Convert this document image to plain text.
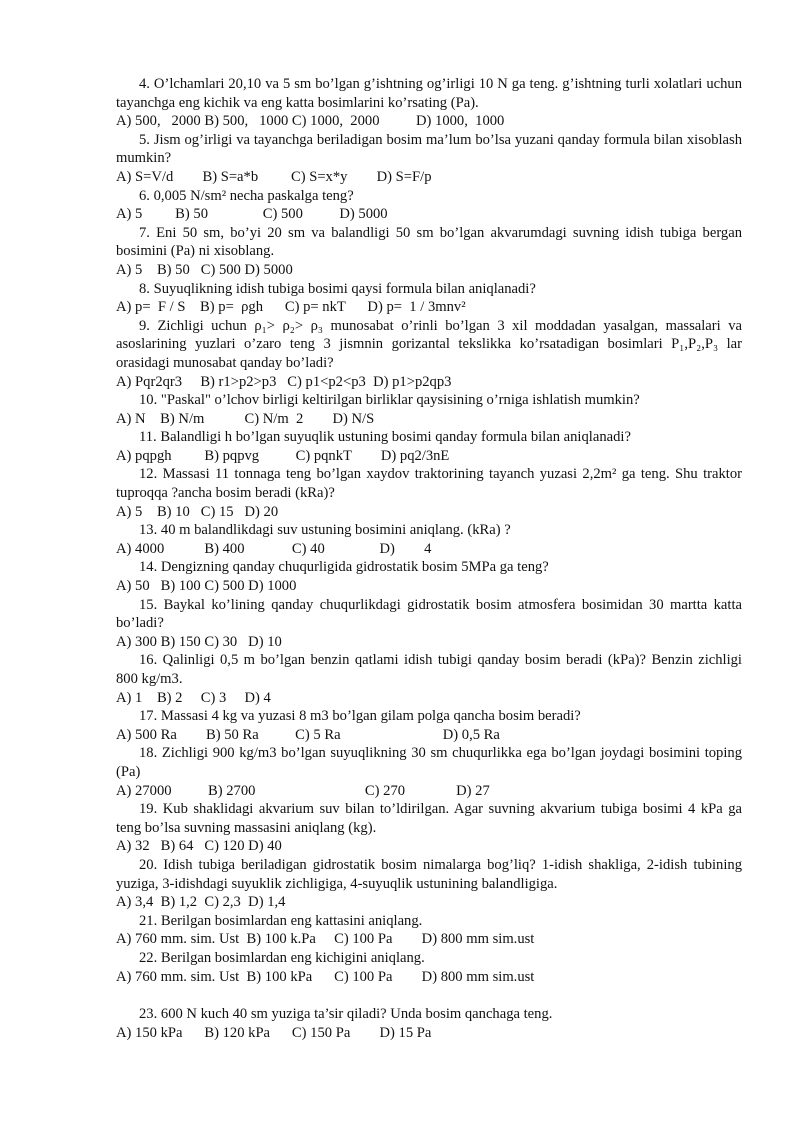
4. O’lchamlari 20,10 va 5 sm bo’lgan g’ishtning og’irligi 10 N ga teng. g’ishtning turli xolatlari uchun tayanchga eng kichik va eng katta bosimlarini ko’rsating (Pa).

A) 500,   2000 B) 500,   1000 C) 1000,  2000          D) 1000,  1000

5. Jism og’irligi va tayanchga beriladigan bosim ma’lum bo’lsa yuzani qanday formula bilan xisoblash mumkin?

A) S=V/d        B) S=a*b         C) S=x*y        D) S=F/p

6. 0,005 N/sm² necha paskalga teng?

A) 5         B) 50               C) 500          D) 5000

7. Eni 50 sm, bo’yi 20 sm va balandligi 50 sm bo’lgan akvarumdagi suvning idish tubiga bergan bosimini (Pa) ni xisoblang.

A) 5    B) 50   C) 500 D) 5000

8. Suyuqlikning idish tubiga bosimi qaysi formula bilan aniqlanadi?

A) p=  F / S    B) p=  ρgh      C) p= nkT      D) p=  1 / 3mnv²

9. Zichligi uchun ρ₁> ρ₂> ρ₃ munosabat o’rinli bo’lgan 3 xil moddadan yasalgan, massalari va asoslarining yuzlari o’zaro teng 3 jismnin gorizantal tekslikka ko’rsatadigan bosimlari P₁,P₂,P₃ lar orasidagi munosabat qanday bo’ladi?

A) Pqr2qr3     B) r1>p2>p3   C) p1<p2<p3  D) p1>p2qp3

10. "Paskal" o’lchov birligi keltirilgan birliklar qaysisining o’rniga ishlatish mumkin?

A) N    B) N/m           C) N/m  2        D) N/S

11. Balandligi h bo’lgan suyuqlik ustuning bosimi qanday formula bilan aniqlanadi?

A) pqpgh         B) pqpvg          C) pqnkT        D) pq2/3nE

12. Massasi 11 tonnaga teng bo’lgan xaydov traktorining tayanch yuzasi 2,2m² ga teng. Shu traktor tuproqqa ?ancha bosim beradi (kRa)?

A) 5    B) 10   C) 15   D) 20

13. 40 m balandlikdagi suv ustuning bosimini aniqlang. (kRa) ?

A) 4000           B) 400             C) 40               D)        4

14. Dengizning qanday chuqurligida gidrostatik bosim 5MPa ga teng?

A) 50   B) 100 C) 500 D) 1000

15. Baykal ko’lining qanday chuqurlikdagi gidrostatik bosim atmosfera bosimidan 30 martta katta bo’ladi?

A) 300 B) 150 C) 30   D) 10

16. Qalinligi 0,5 m bo’lgan benzin qatlami idish tubigi qanday bosim beradi (kPa)? Benzin zichligi 800 kg/m3.

A) 1    B) 2     C) 3     D) 4

17. Massasi 4 kg va yuzasi 8 m3 bo’lgan gilam polga qancha bosim beradi?

A) 500 Ra        B) 50 Ra          C) 5 Ra                            D) 0,5 Ra

18. Zichligi 900 kg/m3 bo’lgan suyuqlikning 30 sm chuqurlikka ega bo’lgan joydagi bosimini toping (Pa)

A) 27000          B) 2700                              C) 270              D) 27

19. Kub shaklidagi akvarium suv bilan to’ldirilgan. Agar suvning akvarium tubiga bosimi 4 kPa ga teng bo’lsa suvning massasini aniqlang (kg).

A) 32   B) 64   C) 120 D) 40

20. Idish tubiga beriladigan gidrostatik bosim nimalarga bog’liq? 1-idish shakliga, 2-idish tubining yuziga, 3-idishdagi suyuklik zichligiga, 4-suyuqlik ustunining balandligiga.

A) 3,4  B) 1,2  C) 2,3  D) 1,4

21. Berilgan bosimlardan eng kattasini aniqlang.

A) 760 mm. sim. Ust  B) 100 k.Pa     C) 100 Pa        D) 800 mm sim.ust

22. Berilgan bosimlardan eng kichigini aniqlang.

A) 760 mm. sim. Ust  B) 100 kPa      C) 100 Pa        D) 800 mm sim.ust

23. 600 N kuch 40 sm yuziga ta’sir qiladi? Unda bosim qanchaga teng.

A) 150 kPa      B) 120 kPa      C) 150 Pa        D) 15 Pa
